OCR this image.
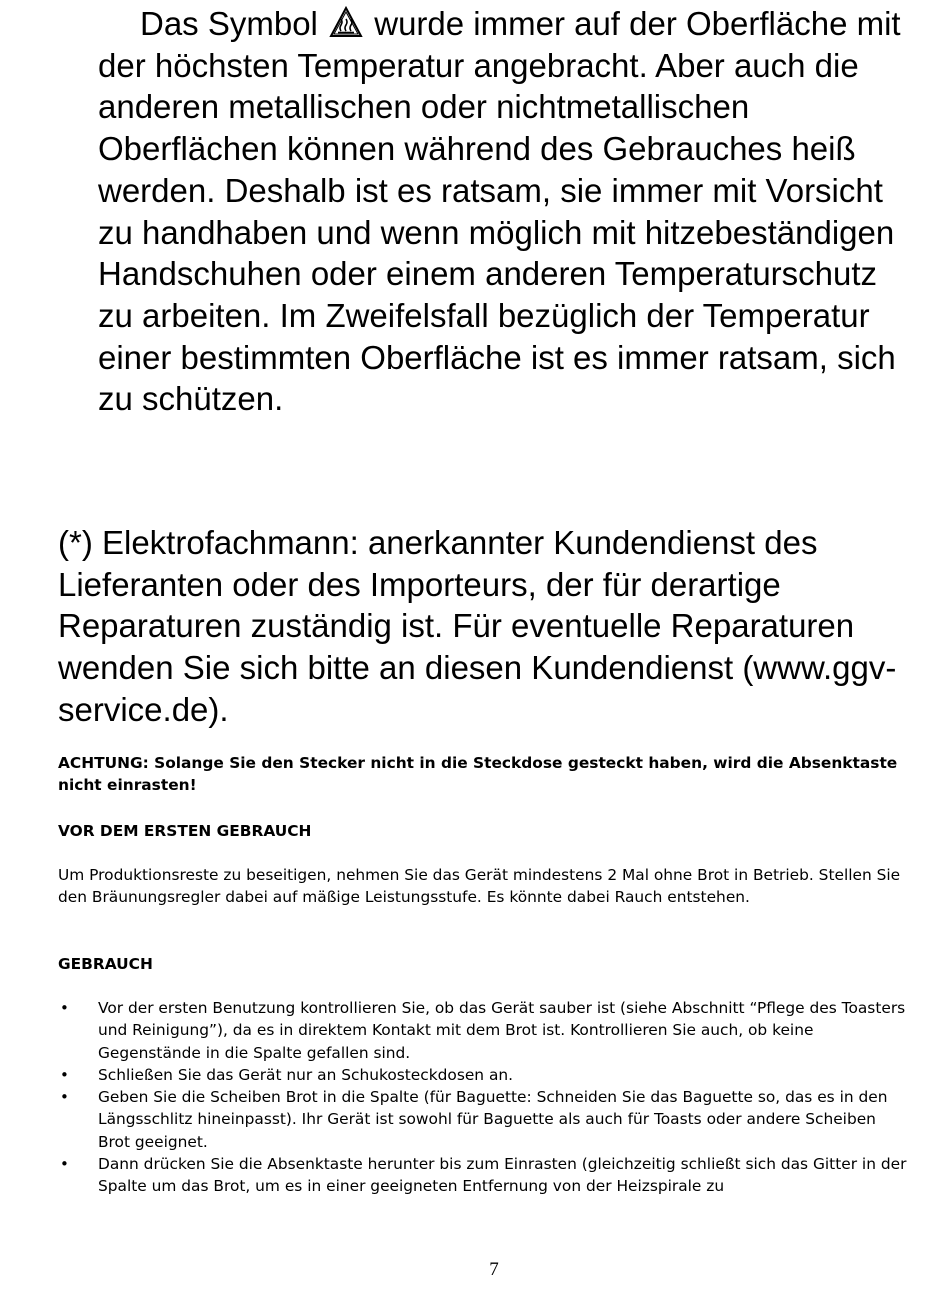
Das Symbol
wurde immer auf der Oberfläche mit der höchsten Temperatur angebracht. Aber auch die anderen metallischen oder nichtmetallischen Oberflächen können während des Gebrauches heiß werden. Deshalb ist es ratsam, sie immer mit Vorsicht zu handhaben und wenn möglich mit hitzebeständigen Handschuhen oder einem anderen Temperaturschutz zu arbeiten. Im Zweifelsfall bezüglich der Temperatur einer bestimmten Oberfläche ist es immer ratsam, sich zu schützen.

(*) Elektrofachmann: anerkannter Kundendienst des Lieferanten oder des Importeurs, der für derartige Reparaturen zuständig ist. Für eventuelle Reparaturen wenden Sie sich bitte an diesen Kundendienst (www.ggv-service.de).

ACHTUNG: Solange Sie den Stecker nicht in die Steckdose gesteckt haben, wird die Absenktaste nicht einrasten!

VOR DEM ERSTEN GEBRAUCH

Um Produktionsreste zu beseitigen, nehmen Sie das Gerät mindestens 2 Mal ohne Brot in Betrieb. Stellen Sie den Bräunungsregler dabei auf mäßige Leistungsstufe. Es könnte dabei Rauch entstehen.

GEBRAUCH

• Vor der ersten Benutzung kontrollieren Sie, ob das Gerät sauber ist (siehe Abschnitt “Pflege des Toasters und Reinigung”), da es in direktem Kontakt mit dem Brot ist. Kontrollieren Sie auch, ob keine Gegenstände in die Spalte gefallen sind.
• Schließen Sie das Gerät nur an Schukosteckdosen an.
• Geben Sie die Scheiben Brot in die Spalte (für Baguette: Schneiden Sie das Baguette so, das es in den Längsschlitz hineinpasst). Ihr Gerät ist sowohl für Baguette als auch für Toasts oder andere Scheiben Brot geeignet.
• Dann drücken Sie die Absenktaste herunter bis zum Einrasten (gleichzeitig schließt sich das Gitter in der Spalte um das Brot, um es in einer geeigneten Entfernung von der Heizspirale zu
7
